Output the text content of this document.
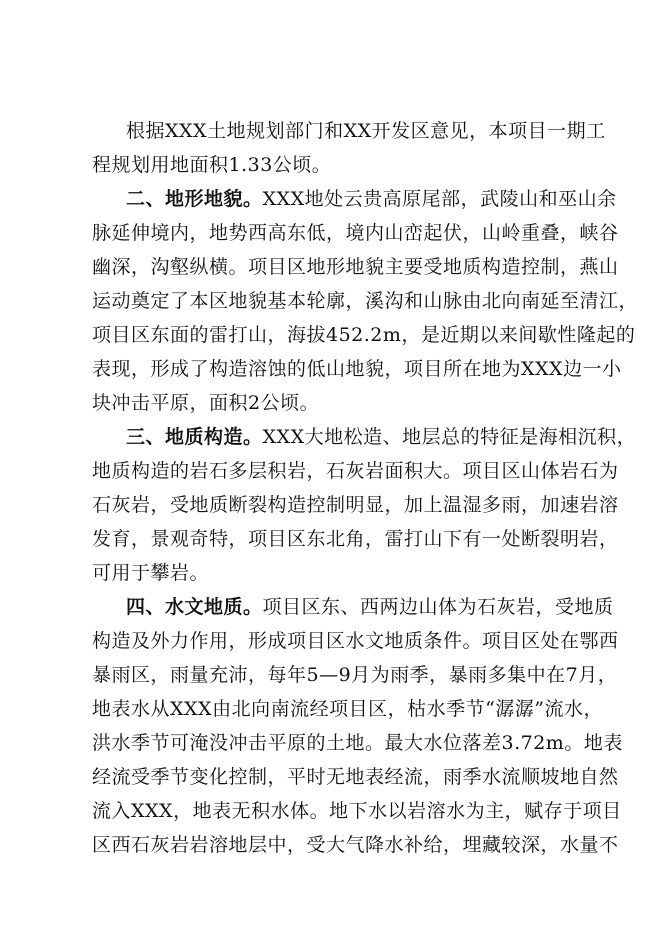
根据XXX土地规划部门和XX开发区意见，本项目一期工
程规划用地面积1.33公顷。
二、地形地貌。XXX地处云贵高原尾部，武陵山和巫山余
脉延伸境内，地势西高东低，境内山峦起伏，山岭重叠，峡谷
幽深，沟壑纵横。项目区地形地貌主要受地质构造控制，燕山
运动奠定了本区地貌基本轮廓，溪沟和山脉由北向南延至清江，
项目区东面的雷打山，海拔452.2m，是近期以来间歇性隆起的
表现，形成了构造溶蚀的低山地貌，项目所在地为XXX边一小
块冲击平原，面积2公顷。
三、地质构造。XXX大地松造、地层总的特征是海相沉积，
地质构造的岩石多层积岩，石灰岩面积大。项目区山体岩石为
石灰岩，受地质断裂构造控制明显，加上温湿多雨，加速岩溶
发育，景观奇特，项目区东北角，雷打山下有一处断裂明岩，
可用于攀岩。
四、水文地质。项目区东、西两边山体为石灰岩，受地质
构造及外力作用，形成项目区水文地质条件。项目区处在鄂西
暴雨区，雨量充沛，每年5—9月为雨季，暴雨多集中在7月，
地表水从XXX由北向南流经项目区，枯水季节“潺潺”流水，
洪水季节可淹没冲击平原的土地。最大水位落差3.72m。地表
经流受季节变化控制，平时无地表经流，雨季水流顺坡地自然
流入XXX，地表无积水体。地下水以岩溶水为主，赋存于项目
区西石灰岩岩溶地层中，受大气降水补给，埋藏较深，水量不
